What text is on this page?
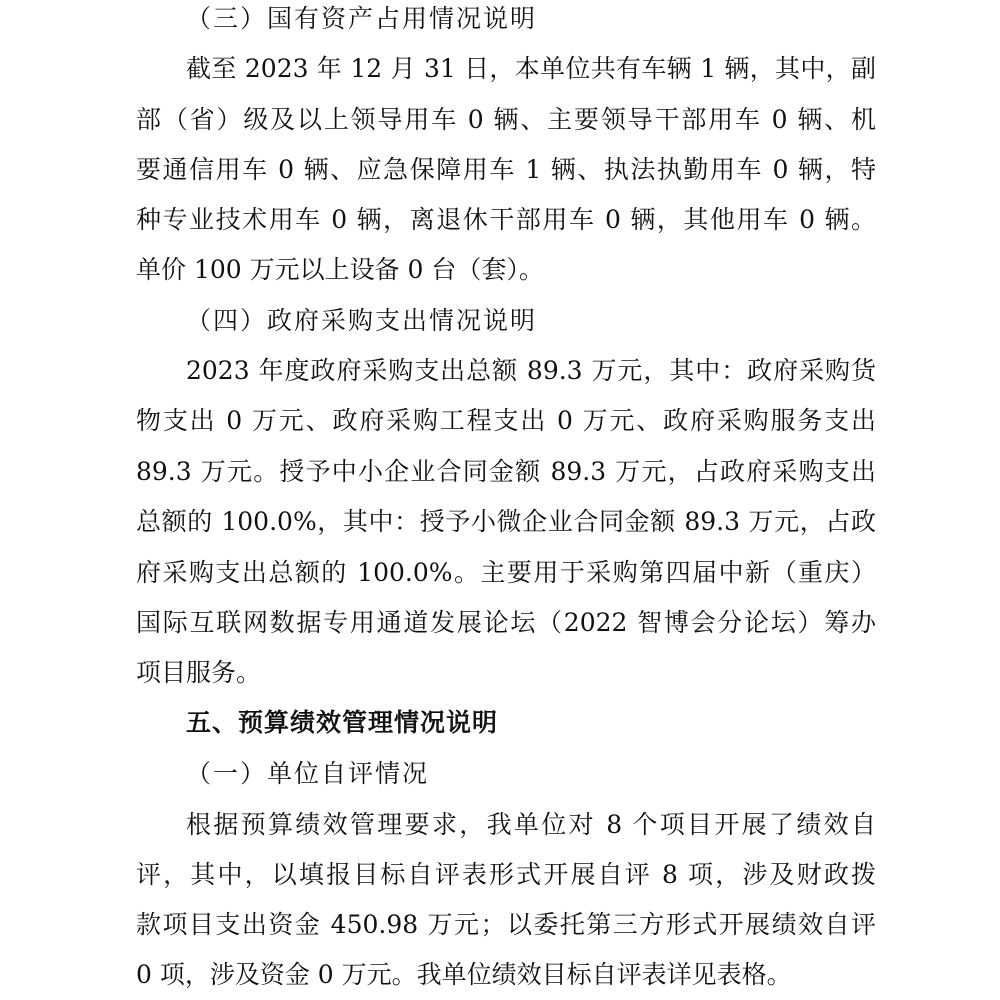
（三）国有资产占用情况说明
截至 2023 年 12 月 31 日，本单位共有车辆 1 辆，其中，副
部（省）级及以上领导用车 0 辆、主要领导干部用车 0 辆、机
要通信用车 0 辆、应急保障用车 1 辆、执法执勤用车 0 辆，特
种专业技术用车 0 辆，离退休干部用车 0 辆，其他用车 0 辆。
单价 100 万元以上设备 0 台（套）。
（四）政府采购支出情况说明
2023 年度政府采购支出总额 89.3 万元，其中：政府采购货
物支出 0 万元、政府采购工程支出 0 万元、政府采购服务支出
89.3 万元。授予中小企业合同金额 89.3 万元，占政府采购支出
总额的 100.0%，其中：授予小微企业合同金额 89.3 万元，占政
府采购支出总额的 100.0%。主要用于采购第四届中新（重庆）
国际互联网数据专用通道发展论坛（2022 智博会分论坛）筹办
项目服务。
五、预算绩效管理情况说明
（一）单位自评情况
根据预算绩效管理要求，我单位对 8 个项目开展了绩效自
评，其中，以填报目标自评表形式开展自评 8 项，涉及财政拨
款项目支出资金 450.98 万元；以委托第三方形式开展绩效自评
0 项，涉及资金 0 万元。我单位绩效目标自评表详见表格。
